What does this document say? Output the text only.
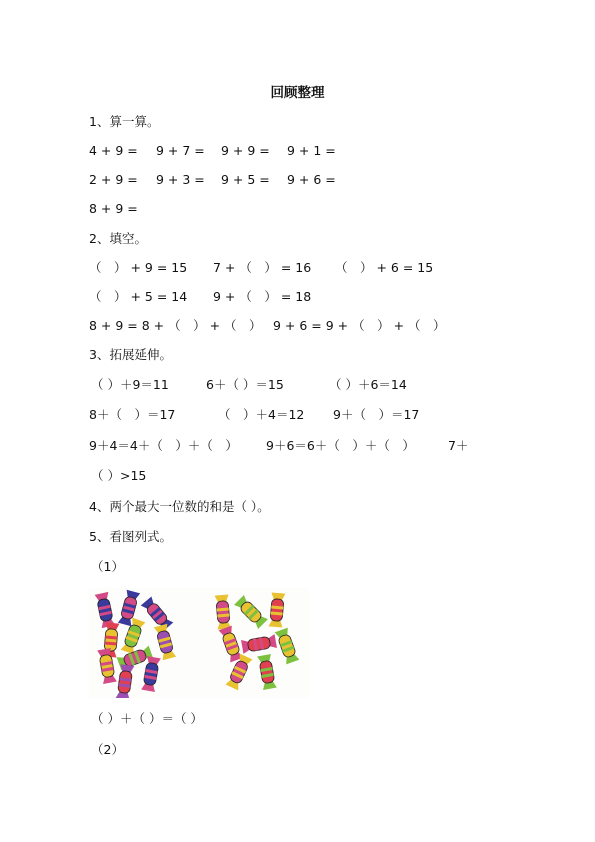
回顾整理
1、算一算。
4 + 9 = 9 + 7 = 9 + 9 = 9 + 1 =
2 + 9 = 9 + 3 = 9 + 5 = 9 + 6 =
8 + 9 =
2、填空。
（　） + 9 = 15 7 + （　） = 16 （　） + 6 = 15
（　） + 5 = 14 9 + （　） = 18
8 + 9 = 8 + （　） + （　） 9 + 6 = 9 + （　） + （　）
3、拓展延伸。
（ ）＋9＝11	6＋（ ）＝15	（ ）＋6＝14
8＋（　）＝17	（　）＋4＝12 9＋（　）＝17
9＋4＝4＋（　）＋（　） 9＋6＝6＋（　）＋（　）	7＋
（ ）>15
4、两个最大一位数的和是（ ）。
5、看图列式。
（1）
（ ）＋（ ）＝（ ）
（2）
